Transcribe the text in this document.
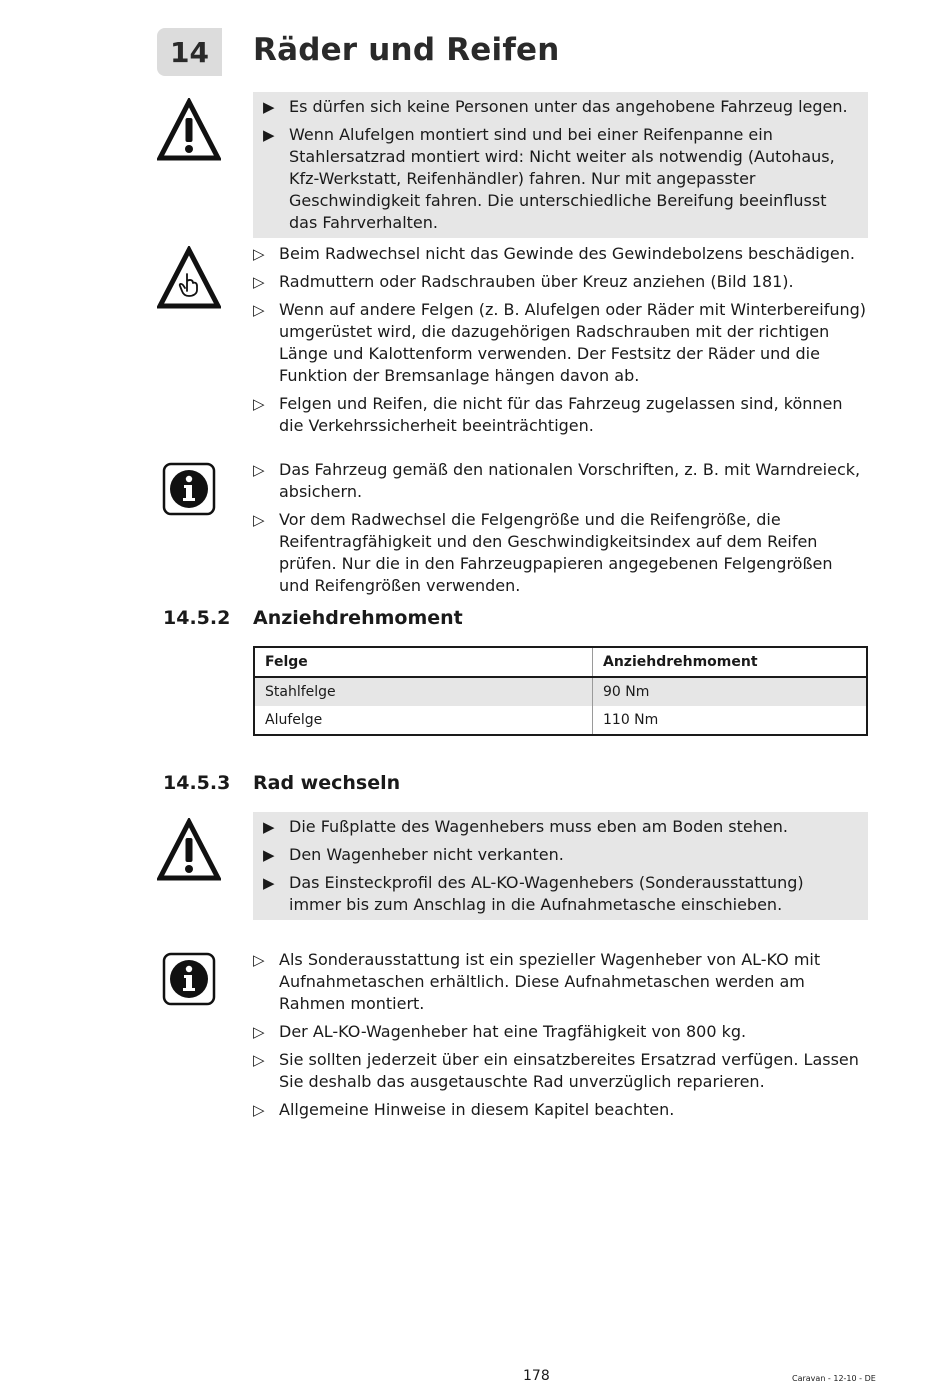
14	Räder und Reifen
▶ Es dürfen sich keine Personen unter das angehobene Fahrzeug legen.
▶ Wenn Alufelgen montiert sind und bei einer Reifenpanne ein Stahlersatzrad montiert wird: Nicht weiter als notwendig (Autohaus, Kfz-Werkstatt, Reifenhändler) fahren. Nur mit angepasster Geschwindigkeit fahren. Die unterschiedliche Bereifung beeinflusst das Fahrverhalten.
▷ Beim Radwechsel nicht das Gewinde des Gewindebolzens beschädigen.
▷ Radmuttern oder Radschrauben über Kreuz anziehen (Bild 181).
▷ Wenn auf andere Felgen (z. B. Alufelgen oder Räder mit Winterbereifung) umgerüstet wird, die dazugehörigen Radschrauben mit der richtigen Länge und Kalottenform verwenden. Der Festsitz der Räder und die Funktion der Bremsanlage hängen davon ab.
▷ Felgen und Reifen, die nicht für das Fahrzeug zugelassen sind, können die Verkehrssicherheit beeinträchtigen.
▷ Das Fahrzeug gemäß den nationalen Vorschriften, z. B. mit Warndreieck, absichern.
▷ Vor dem Radwechsel die Felgengröße und die Reifengröße, die Reifentragfähigkeit und den Geschwindigkeitsindex auf dem Reifen prüfen. Nur die in den Fahrzeugpapieren angegebenen Felgengrößen und Reifengrößen verwenden.
14.5.2 Anziehdrehmoment
Felge	Anziehdrehmoment
Stahlfelge	90 Nm
Alufelge	110 Nm
14.5.3 Rad wechseln
▶ Die Fußplatte des Wagenhebers muss eben am Boden stehen.
▶ Den Wagenheber nicht verkanten.
▶ Das Einsteckprofil des AL-KO-Wagenhebers (Sonderausstattung) immer bis zum Anschlag in die Aufnahmetasche einschieben.
▷ Als Sonderausstattung ist ein spezieller Wagenheber von AL-KO mit Aufnahmetaschen erhältlich. Diese Aufnahmetaschen werden am Rahmen montiert.
▷ Der AL-KO-Wagenheber hat eine Tragfähigkeit von 800 kg.
▷ Sie sollten jederzeit über ein einsatzbereites Ersatzrad verfügen. Lassen Sie deshalb das ausgetauschte Rad unverzüglich reparieren.
▷ Allgemeine Hinweise in diesem Kapitel beachten.
178	Caravan - 12-10 - DE
